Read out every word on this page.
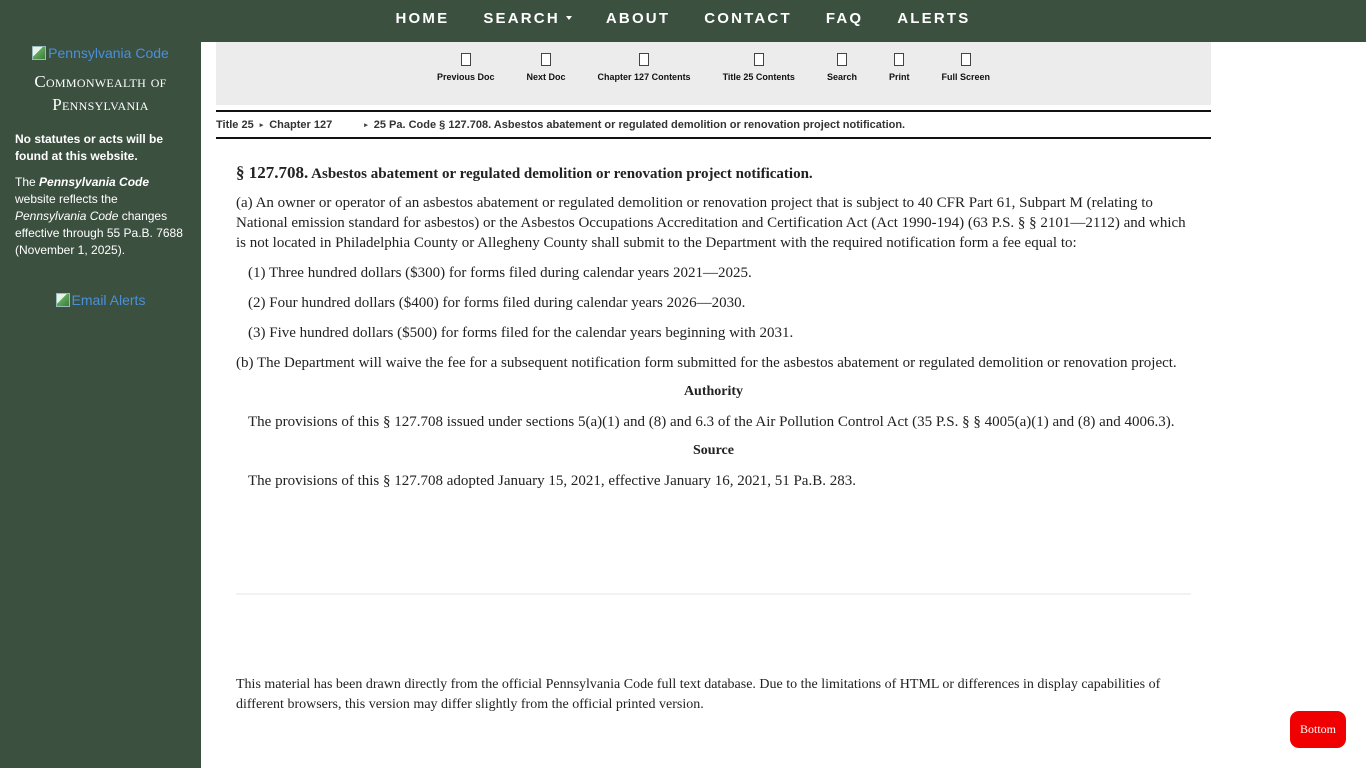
HOME SEARCH	ABOUT CONTACT FAQ ALERTS
Pennsylvania Code
Commonwealth of
Pennsylvania

No statutes or acts will be found at this website.

The Pennsylvania Code website reflects the Pennsylvania Code changes effective through 55 Pa.B. 7688 (November 1, 2025).

Email Alerts
Previous Doc	Next Doc	Chapter 127 Contents	Title 25 Contents	Search	Print	Full Screen
Title 25 ▸ Chapter 127	▸ 25 Pa. Code § 127.708. Asbestos abatement or regulated demolition or renovation project notification.
§ 127.708. Asbestos abatement or regulated demolition or renovation project notification.

(a) An owner or operator of an asbestos abatement or regulated demolition or renovation project that is subject to 40 CFR Part 61, Subpart M (relating to National emission standard for asbestos) or the Asbestos Occupations Accreditation and Certification Act (Act 1990-194) (63 P.S. § § 2101—2112) and which is not located in Philadelphia County or Allegheny County shall submit to the Department with the required notification form a fee equal to:

(1) Three hundred dollars ($300) for forms filed during calendar years 2021—2025.

(2) Four hundred dollars ($400) for forms filed during calendar years 2026—2030.

(3) Five hundred dollars ($500) for forms filed for the calendar years beginning with 2031.

(b) The Department will waive the fee for a subsequent notification form submitted for the asbestos abatement or regulated demolition or renovation project.

Authority

The provisions of this § 127.708 issued under sections 5(a)(1) and (8) and 6.3 of the Air Pollution Control Act (35 P.S. § § 4005(a)(1) and (8) and 4006.3).

Source

The provisions of this § 127.708 adopted January 15, 2021, effective January 16, 2021, 51 Pa.B. 283.

This material has been drawn directly from the official Pennsylvania Code full text database. Due to the limitations of HTML or differences in display capabilities of different browsers, this version may differ slightly from the official printed version.

Bottom
